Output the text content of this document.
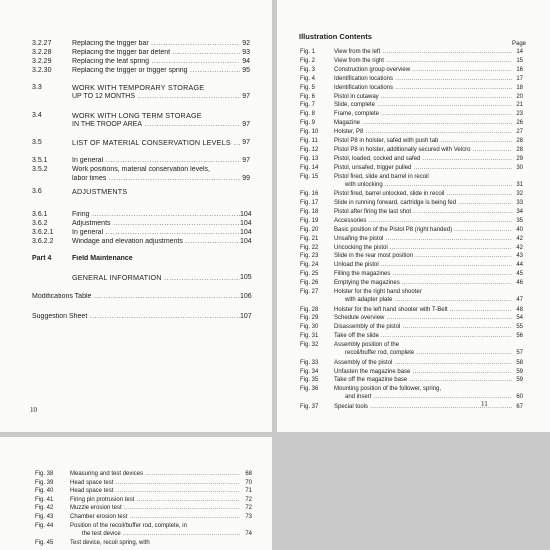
3.2.27	Replacing the trigger bar .....	92
3.2.28	Replacing the trigger bar detent .....	93
3.2.29	Replacing the leaf spring .....	94
3.2.30	Replacing the trigger or trigger spring .....	95
3.3	WORK WITH TEMPORARY STORAGE
UP TO 12 MONTHS .....	97
3.4	WORK WITH LONG TERM STORAGE
IN THE TROOP AREA .....	97
3.5	LIST OF MATERIAL CONSERVATION LEVELS .....	97
3.5.1	In general .....	97
3.5.2	Work positions, material conservation levels,
labor times .....	99
3.6	ADJUSTMENTS
3.6.1	Firing .....	104
3.6.2	Adjustments .....	104
3.6.2.1	In general .....	104
3.6.2.2	Windage and elevation adjustments .....	104
Part 4	Field Maintenance
GENERAL INFORMATION .....	105
Modifications Table .....	106
Suggestion Sheet .....	107
Illustration Contents
Page
Fig. 1	View from the left .....	14
Fig. 2	View from the right .....	15
Fig. 3	Construction group overview .....	16
Fig. 4	Identification locations .....	17
Fig. 5	Identification locations .....	18
Fig. 6	Pistol in cutaway .....	20
Fig. 7	Slide, complete .....	21
Fig. 8	Frame, complete .....	23
Fig. 9	Magazine .....	26
Fig. 10	Holster, P8 .....	27
Fig. 11	Pistol P8 in holster, safed with push tab .....	28
Fig. 12	Pistol P8 in holster, additionally secured with Velcro .....	28
Fig. 13	Pistol, loaded, cocked and safed .....	29
Fig. 14	Pistol, unsafed, trigger pulled .....	30
Fig. 15	Pistol fired, slide and barrel in recoil
with unlocking .....	31
Fig. 16	Pistol fired, barrel unlocked, slide in recoil .....	32
Fig. 17	Slide in running forward, cartridge is being fed .....	33
Fig. 18	Pistol after firing the last shot .....	34
Fig. 19	Accessories .....	35
Fig. 20	Basic position of the Pistol P8 (right handed) .....	40
Fig. 21	Unsafing the pistol .....	42
Fig. 22	Uncocking the pistol .....	42
Fig. 23	Slide in the rear most position .....	43
Fig. 24	Unload the pistol .....	44
Fig. 25	Filling the magazines .....	45
Fig. 26	Emptying the magazines .....	46
Fig. 27	Holster for the right hand shooter
with adapter plate .....	47
Fig. 28	Holster for the left hand shooter with T-Belt .....	48
Fig. 29	Schedule overview .....	54
Fig. 30	Disassembly of the pistol .....	55
Fig. 31	Take off the slide .....	56
Fig. 32	Assembly position of the
recoil/buffer rod, complete .....	57
Fig. 33	Assembly of the pistol .....	58
Fig. 34	Unfasten the magazine base .....	59
Fig. 35	Take off the magazine base .....	59
Fig. 36	Mounting position of the follower, spring,
and insert .....	60
Fig. 37	Special tools .....	67
Fig. 38	Measuring and test devices .....	68
Fig. 39	Head space test .....	70
Fig. 40	Head space test .....	71
Fig. 41	Firing pin protrusion test .....	72
Fig. 42	Muzzle erosion test .....	72
Fig. 43	Chamber erosion test .....	73
Fig. 44	Position of the recoil/buffer rod, complete, in
the test device .....	74
Fig. 45	Test device, recoil spring, with
10
11
